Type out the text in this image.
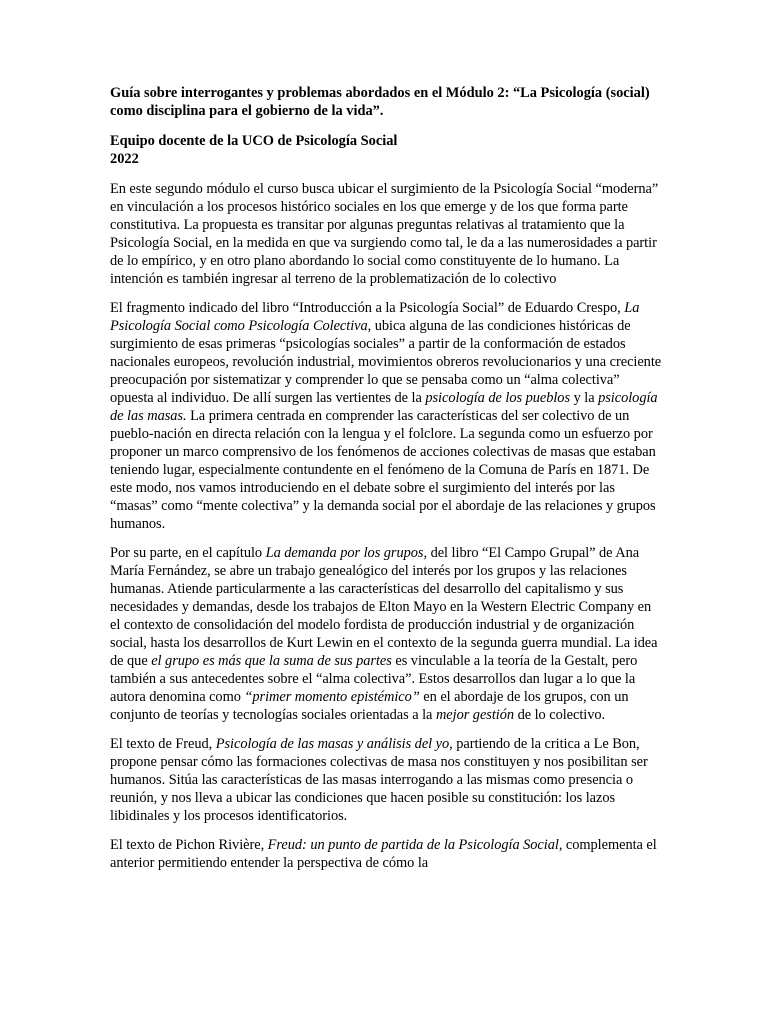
Guía sobre interrogantes y problemas abordados en el Módulo 2: “La Psicología (social) como disciplina para el gobierno de la vida”.
Equipo docente de la UCO de Psicología Social
2022

En este segundo módulo el curso busca ubicar el surgimiento de la Psicología Social “moderna” en vinculación a los procesos histórico sociales en los que emerge y de los que forma parte constitutiva. La propuesta es transitar por algunas preguntas relativas al tratamiento que la Psicología Social, en la medida en que va surgiendo como tal, le da a las numerosidades a partir de lo empírico, y en otro plano abordando lo social como constituyente de lo humano. La intención es también ingresar al terreno de la problematización de lo colectivo

El fragmento indicado del libro “Introducción a la Psicología Social” de Eduardo Crespo, La Psicología Social como Psicología Colectiva, ubica alguna de las condiciones históricas de surgimiento de esas primeras “psicologías sociales” a partir de la conformación de estados nacionales europeos, revolución industrial, movimientos obreros revolucionarios y una creciente preocupación por sistematizar y comprender lo que se pensaba como un “alma colectiva” opuesta al individuo. De allí surgen las vertientes de la psicología de los pueblos y la psicología de las masas. La primera centrada en comprender las características del ser colectivo de un pueblo-nación en directa relación con la lengua y el folclore. La segunda como un esfuerzo por proponer un marco comprensivo de los fenómenos de acciones colectivas de masas que estaban teniendo lugar, especialmente contundente en el fenómeno de la Comuna de París en 1871. De este modo, nos vamos introduciendo en el debate sobre el surgimiento del interés por las “masas” como “mente colectiva” y la demanda social por el abordaje de las relaciones y grupos humanos.

Por su parte, en el capítulo La demanda por los grupos, del libro “El Campo Grupal” de Ana María Fernández, se abre un trabajo genealógico del interés por los grupos y las relaciones humanas. Atiende particularmente a las características del desarrollo del capitalismo y sus necesidades y demandas, desde los trabajos de Elton Mayo en la Western Electric Company en el contexto de consolidación del modelo fordista de producción industrial y de organización social, hasta los desarrollos de Kurt Lewin en el contexto de la segunda guerra mundial. La idea de que el grupo es más que la suma de sus partes es vinculable a la teoría de la Gestalt, pero también a sus antecedentes sobre el “alma colectiva”. Estos desarrollos dan lugar a lo que la autora denomina como “primer momento epistémico” en el abordaje de los grupos, con un conjunto de teorías y tecnologías sociales orientadas a la mejor gestión de lo colectivo.

El texto de Freud, Psicología de las masas y análisis del yo, partiendo de la critica a Le Bon, propone pensar cómo las formaciones colectivas de masa nos constituyen y nos posibilitan ser humanos. Sitúa las características de las masas interrogando a las mismas como presencia o reunión, y nos lleva a ubicar las condiciones que hacen posible su constitución: los lazos libidinales y los procesos identificatorios.

El texto de Pichon Rivière, Freud: un punto de partida de la Psicología Social, complementa el anterior permitiendo entender la perspectiva de cómo la
